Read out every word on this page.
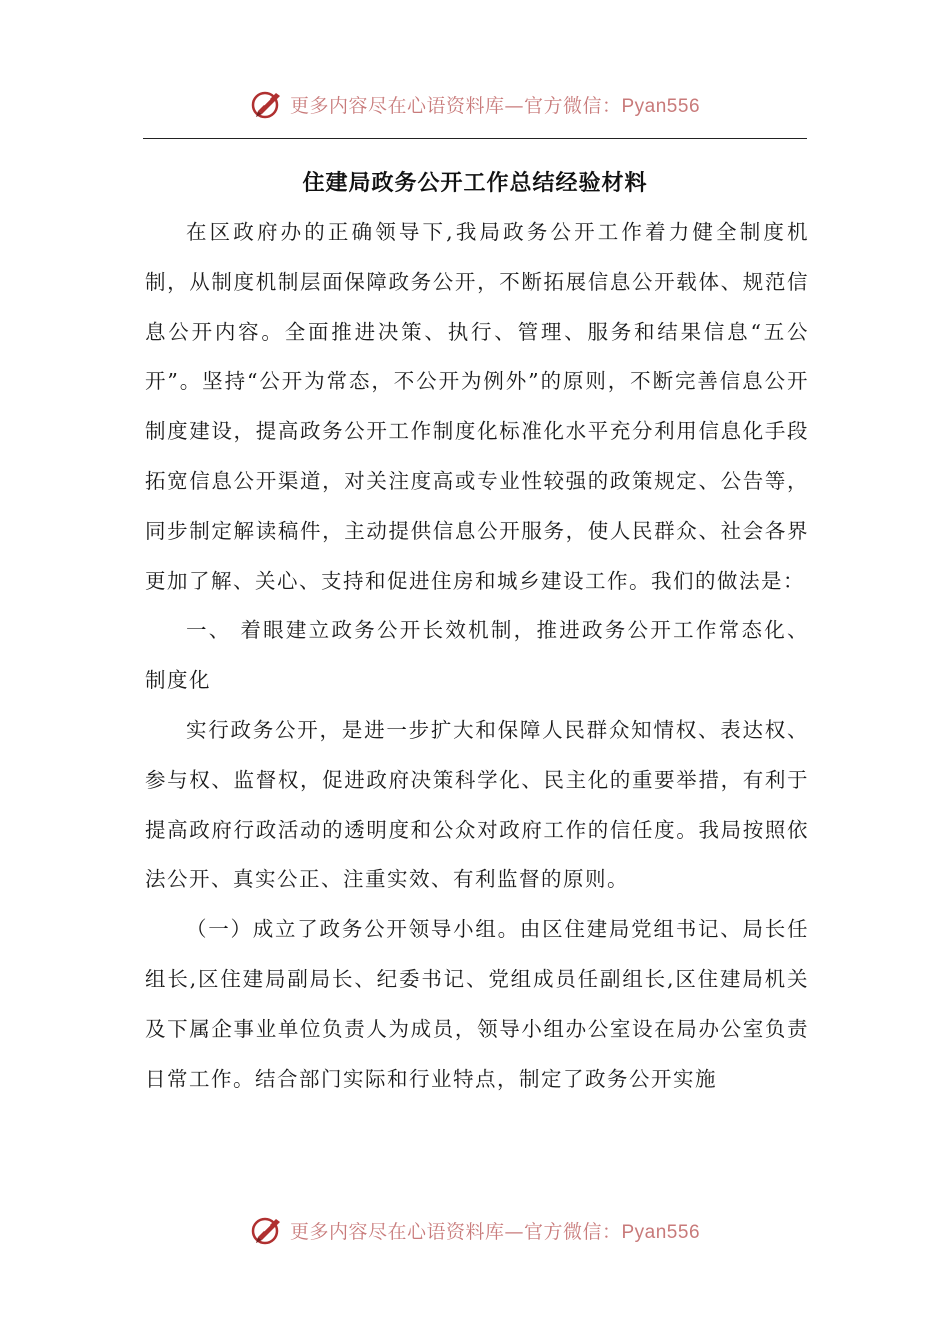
更多内容尽在心语资料库—官方微信：Pyan556
住建局政务公开工作总结经验材料

在区政府办的正确领导下,我局政务公开工作着力健全制度机制，从制度机制层面保障政务公开，不断拓展信息公开载体、规范信息公开内容。全面推进决策、执行、管理、服务和结果信息“五公开”。坚持“公开为常态，不公开为例外”的原则，不断完善信息公开制度建设，提高政务公开工作制度化标准化水平充分利用信息化手段拓宽信息公开渠道，对关注度高或专业性较强的政策规定、公告等，同步制定解读稿件，主动提供信息公开服务，使人民群众、社会各界更加了解、关心、支持和促进住房和城乡建设工作。我们的做法是：

一、 着眼建立政务公开长效机制，推进政务公开工作常态化、制度化

实行政务公开，是进一步扩大和保障人民群众知情权、表达权、参与权、监督权，促进政府决策科学化、民主化的重要举措，有利于提高政府行政活动的透明度和公众对政府工作的信任度。我局按照依法公开、真实公正、注重实效、有利监督的原则。

（一）成立了政务公开领导小组。由区住建局党组书记、局长任组长,区住建局副局长、纪委书记、党组成员任副组长,区住建局机关及下属企事业单位负责人为成员，领导小组办公室设在局办公室负责日常工作。结合部门实际和行业特点，制定了政务公开实施

更多内容尽在心语资料库—官方微信：Pyan556
